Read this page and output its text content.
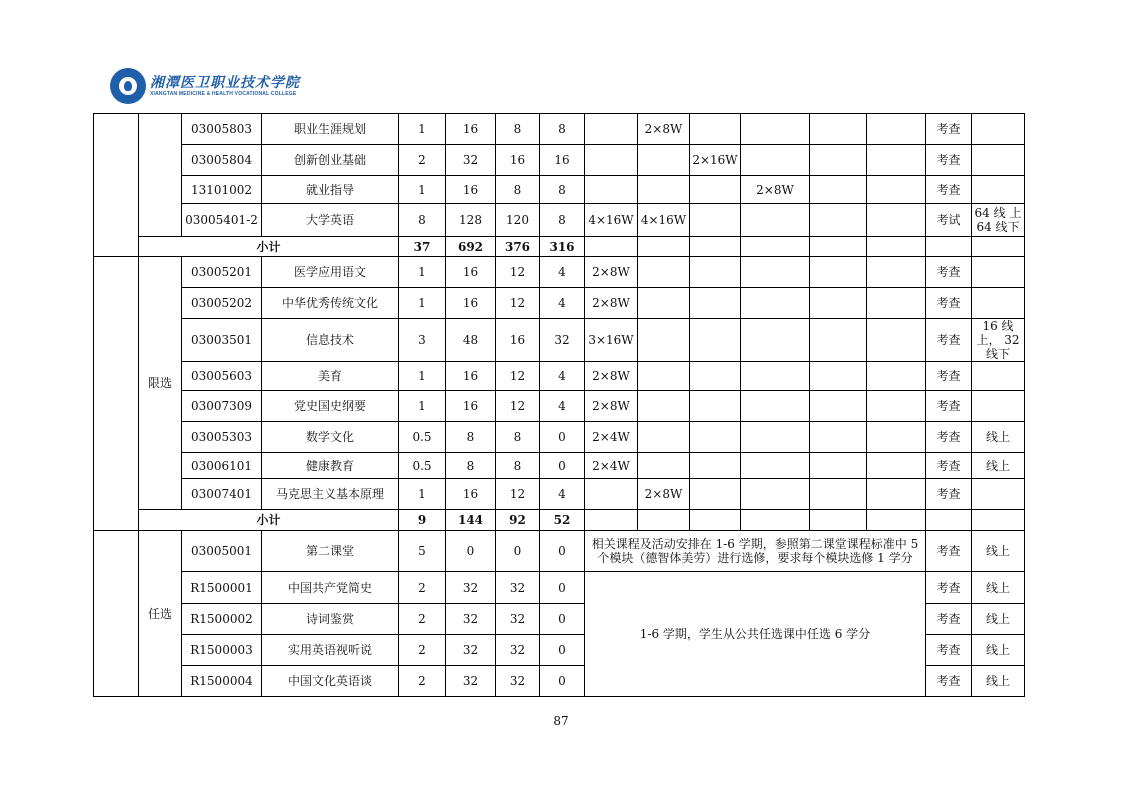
湘潭医卫职业技术学院
XIANGTAN MEDICINE & HEALTH VOCATIONAL COLLEGE
		03005803	职业生涯规划	1	16	8	8		2×8W					考查	
		03005804	创新创业基础	2	32	16	16			2×16W				考查	
		13101002	就业指导	1	16	8	8				2×8W			考查	
		03005401-2	大学英语	8	128	120	8	4×16W	4×16W					考试	64 线 上 64 线下
	小计			37	692	376	316								
	限选	03005201	医学应用语文	1	16	12	4	2×8W						考查	
		03005202	中华优秀传统文化	1	16	12	4	2×8W						考查	
		03003501	信息技术	3	48	16	32	3×16W						考查	16 线上， 32 线下
		03005603	美育	1	16	12	4	2×8W						考查	
		03007309	党史国史纲要	1	16	12	4	2×8W						考查	
		03005303	数学文化	0.5	8	8	0	2×4W						考查	线上
		03006101	健康教育	0.5	8	8	0	2×4W						考查	线上
		03007401	马克思主义基本原理	1	16	12	4		2×8W					考查	
	小计			9	144	92	52								
	任选	03005001	第二课堂	5	0	0	0	相关课程及活动安排在 1-6 学期，参照第二课堂课程标准中 5 个模块（德智体美劳）进行选修，要求每个模块选修 1 学分						考查	线上
		R1500001	中国共产党简史	2	32	32	0	1-6 学期，学生从公共任选课中任选 6 学分						考查	线上
		R1500002	诗词鉴赏	2	32	32	0							考查	线上
		R1500003	实用英语视听说	2	32	32	0							考查	线上
		R1500004	中国文化英语谈	2	32	32	0							考查	线上
87
